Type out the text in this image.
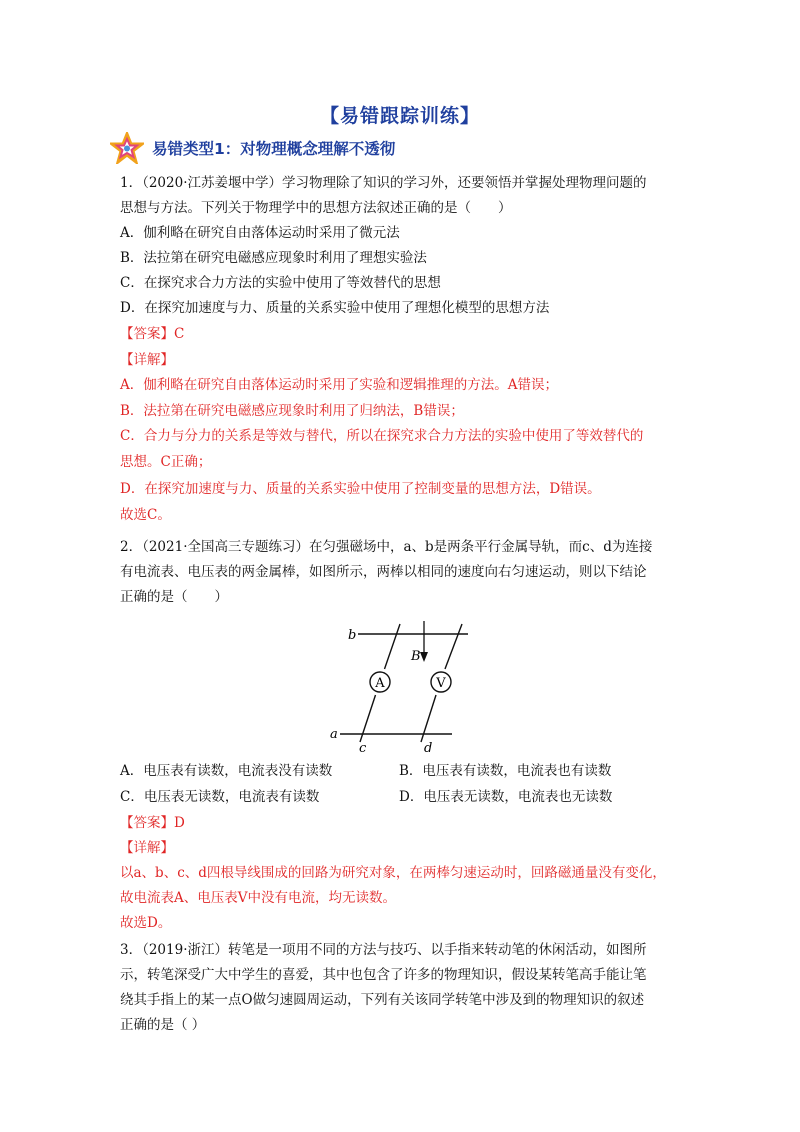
【易错跟踪训练】
易错类型1：对物理概念理解不透彻
1．（2020·江苏姜堰中学）学习物理除了知识的学习外，还要领悟并掌握处理物理问题的
思想与方法。下列关于物理学中的思想方法叙述正确的是（　　）
A．伽利略在研究自由落体运动时采用了微元法
B．法拉第在研究电磁感应现象时利用了理想实验法
C．在探究求合力方法的实验中使用了等效替代的思想
D．在探究加速度与力、质量的关系实验中使用了理想化模型的思想方法
【答案】C
【详解】
A．伽利略在研究自由落体运动时采用了实验和逻辑推理的方法。A错误；
B．法拉第在研究电磁感应现象时利用了归纳法，B错误；
C．合力与分力的关系是等效与替代，所以在探究求合力方法的实验中使用了等效替代的
思想。C正确；
D．在探究加速度与力、质量的关系实验中使用了控制变量的思想方法，D错误。
故选C。
2．（2021·全国高三专题练习）在匀强磁场中，a、b是两条平行金属导轨，而c、d为连接
有电流表、电压表的两金属棒，如图所示，两棒以相同的速度向右匀速运动，则以下结论
正确的是（　　）
A	V
b
B
a
c	d
A．电压表有读数，电流表没有读数	B．电压表有读数，电流表也有读数
C．电压表无读数，电流表有读数	D．电压表无读数，电流表也无读数
【答案】D
【详解】
以a、b、c、d四根导线围成的回路为研究对象，在两棒匀速运动时，回路磁通量没有变化，
故电流表A、电压表V中没有电流，均无读数。
故选D。
3．（2019·浙江）转笔是一项用不同的方法与技巧、以手指来转动笔的休闲活动，如图所
示，转笔深受广大中学生的喜爱，其中也包含了许多的物理知识，假设某转笔高手能让笔
绕其手指上的某一点O做匀速圆周运动，下列有关该同学转笔中涉及到的物理知识的叙述
正确的是（ ）
